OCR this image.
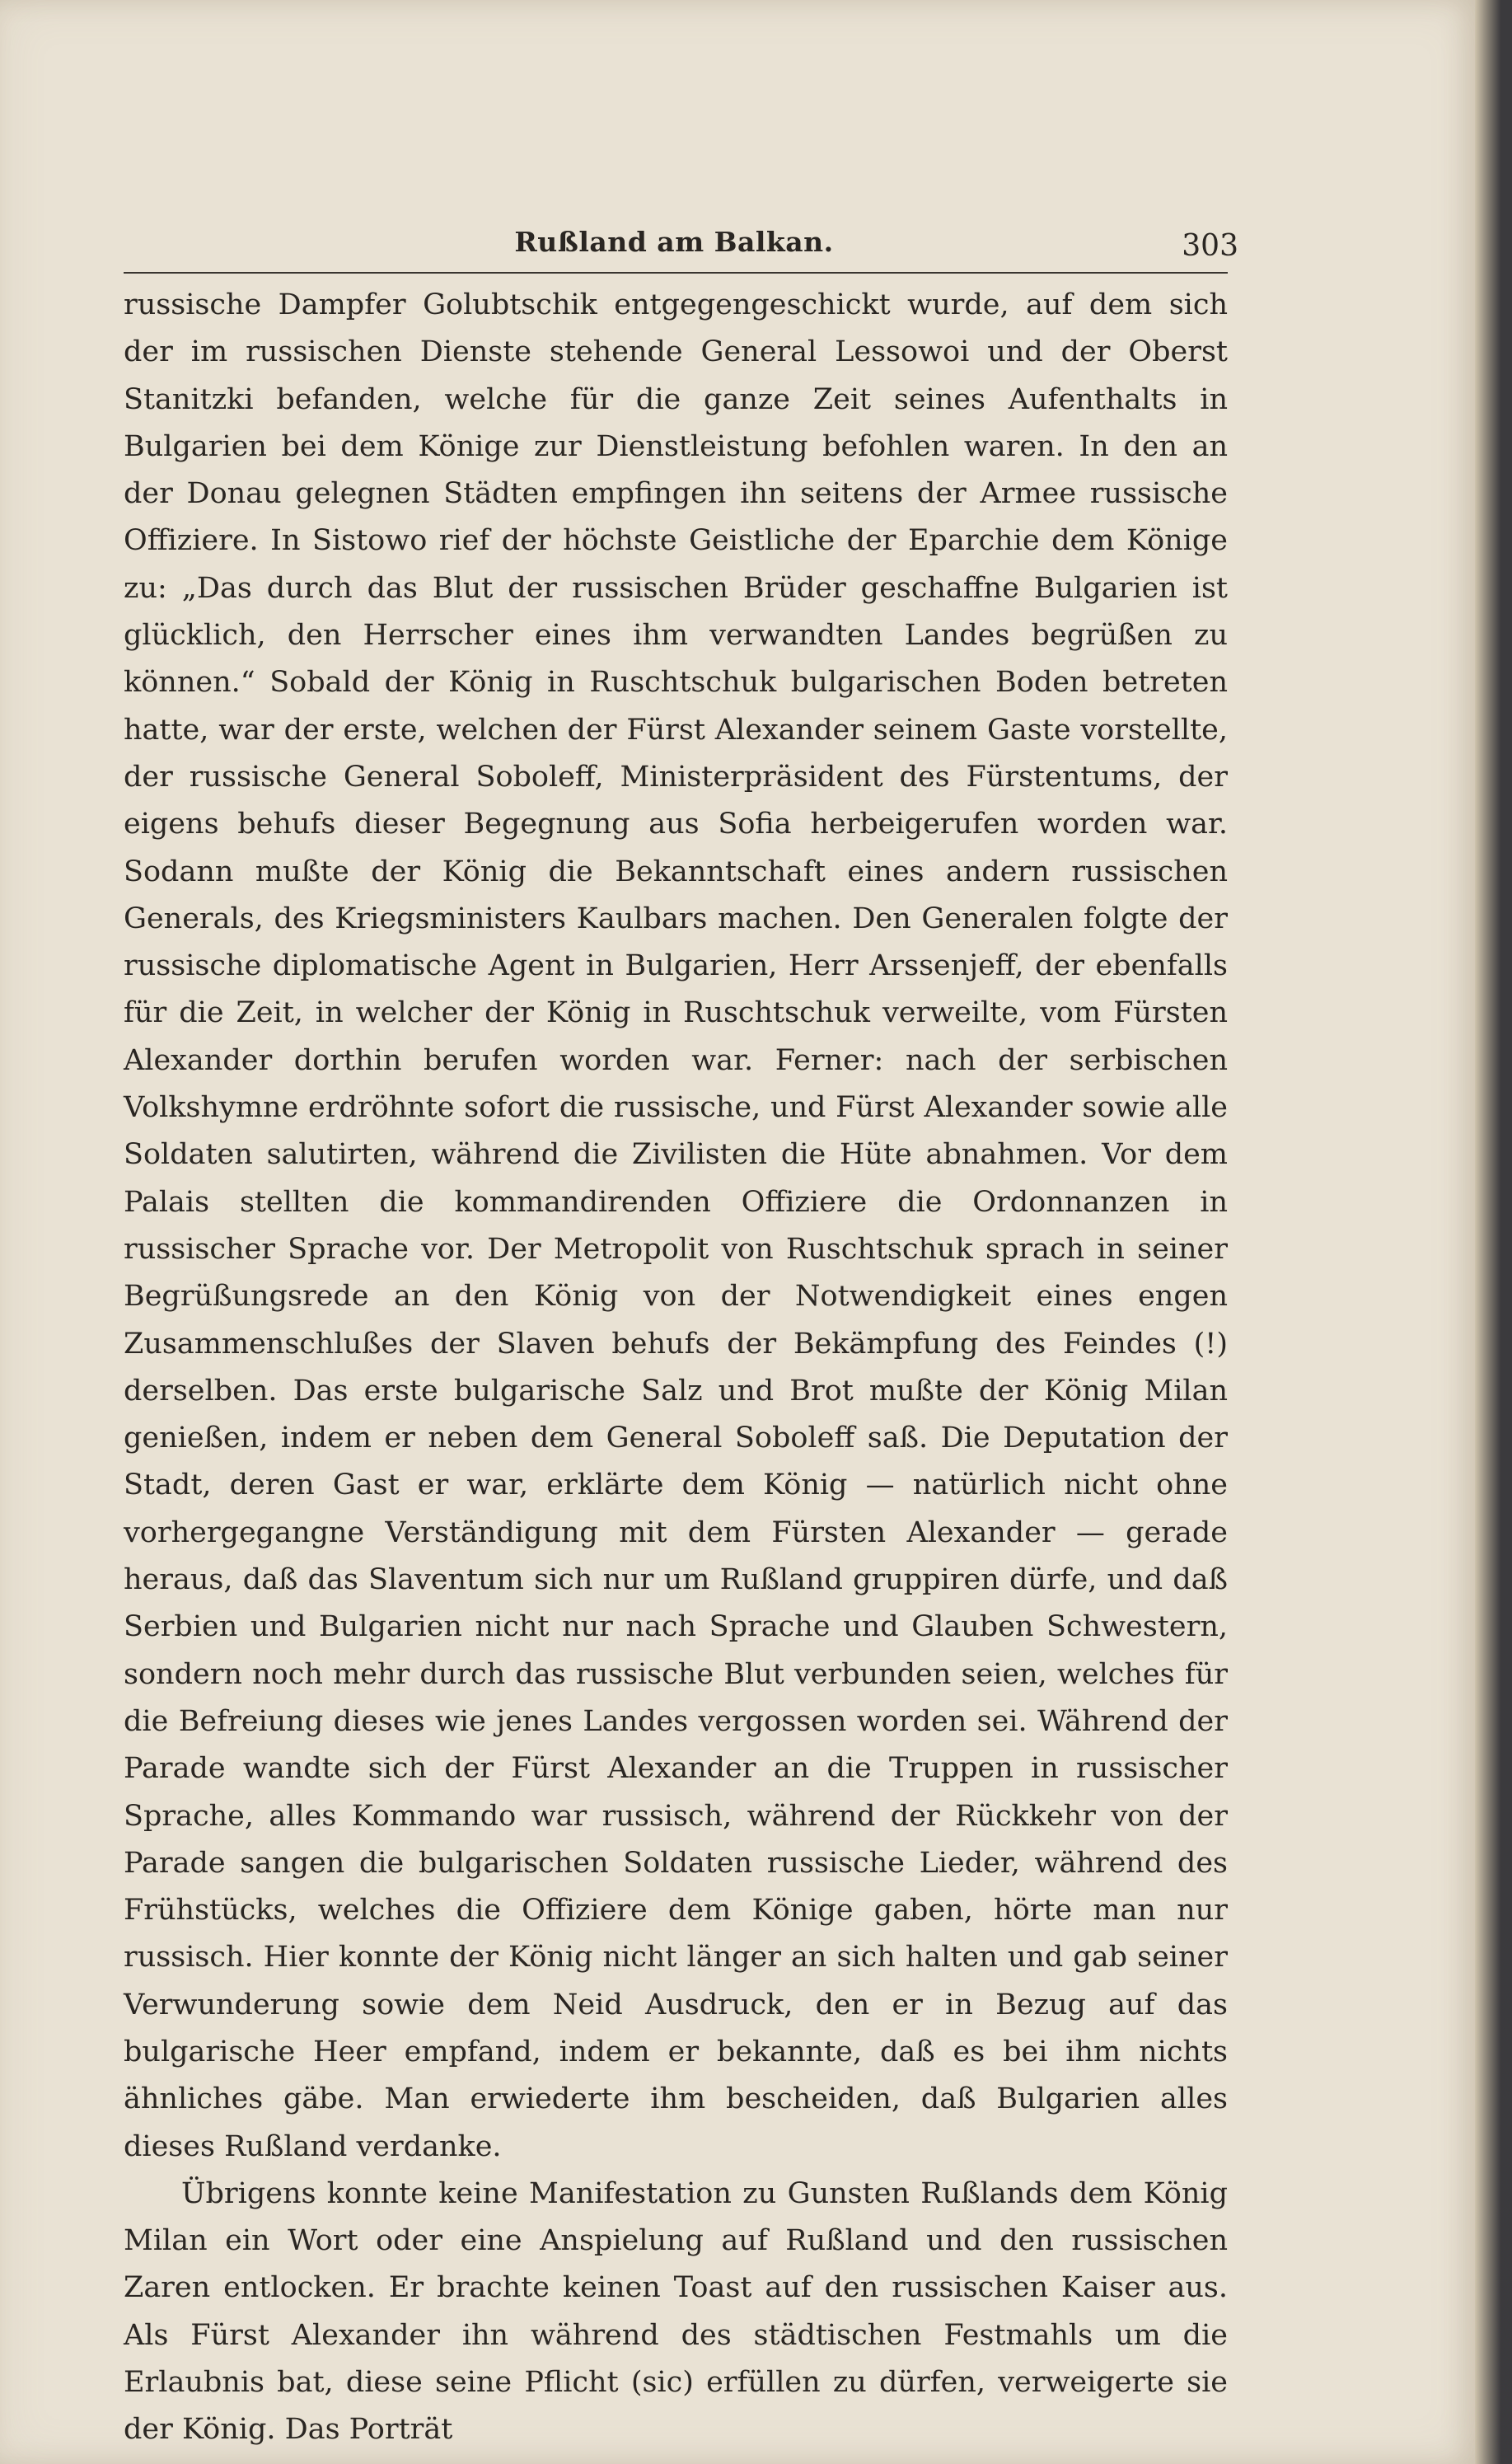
Rußland am Balkan.	303

russische Dampfer Golubtschik entgegengeschickt wurde, auf dem sich der im russischen Dienste stehende General Lessowoi und der Oberst Stanitzki befanden, welche für die ganze Zeit seines Aufenthalts in Bulgarien bei dem Könige zur Dienstleistung befohlen waren. In den an der Donau gelegnen Städten empfingen ihn seitens der Armee russische Offiziere. In Sistowo rief der höchste Geistliche der Eparchie dem Könige zu: „Das durch das Blut der russischen Brüder geschaffne Bulgarien ist glücklich, den Herrscher eines ihm verwandten Landes begrüßen zu können.“ Sobald der König in Ruschtschuk bulgarischen Boden betreten hatte, war der erste, welchen der Fürst Alexander seinem Gaste vorstellte, der russische General Soboleff, Ministerpräsident des Fürstentums, der eigens behufs dieser Begegnung aus Sofia herbeigerufen worden war. Sodann mußte der König die Bekanntschaft eines andern russischen Generals, des Kriegsministers Kaulbars machen. Den Generalen folgte der russische diplomatische Agent in Bulgarien, Herr Arssenjeff, der ebenfalls für die Zeit, in welcher der König in Ruschtschuk verweilte, vom Fürsten Alexander dorthin berufen worden war. Ferner: nach der serbischen Volkshymne erdröhnte sofort die russische, und Fürst Alexander sowie alle Soldaten salutirten, während die Zivilisten die Hüte abnahmen. Vor dem Palais stellten die kommandirenden Offiziere die Ordonnanzen in russischer Sprache vor. Der Metropolit von Ruschtschuk sprach in seiner Begrüßungsrede an den König von der Notwendigkeit eines engen Zusammenschlußes der Slaven behufs der Bekämpfung des Feindes (!) derselben. Das erste bulgarische Salz und Brot mußte der König Milan genießen, indem er neben dem General Soboleff saß. Die Deputation der Stadt, deren Gast er war, erklärte dem König — natürlich nicht ohne vorhergegangne Verständigung mit dem Fürsten Alexander — gerade heraus, daß das Slaventum sich nur um Rußland gruppiren dürfe, und daß Serbien und Bulgarien nicht nur nach Sprache und Glauben Schwestern, sondern noch mehr durch das russische Blut verbunden seien, welches für die Befreiung dieses wie jenes Landes vergossen worden sei. Während der Parade wandte sich der Fürst Alexander an die Truppen in russischer Sprache, alles Kommando war russisch, während der Rückkehr von der Parade sangen die bulgarischen Soldaten russische Lieder, während des Frühstücks, welches die Offiziere dem Könige gaben, hörte man nur russisch. Hier konnte der König nicht länger an sich halten und gab seiner Verwunderung sowie dem Neid Ausdruck, den er in Bezug auf das bulgarische Heer empfand, indem er bekannte, daß es bei ihm nichts ähnliches gäbe. Man erwiederte ihm bescheiden, daß Bulgarien alles dieses Rußland verdanke.

Übrigens konnte keine Manifestation zu Gunsten Rußlands dem König Milan ein Wort oder eine Anspielung auf Rußland und den russischen Zaren entlocken. Er brachte keinen Toast auf den russischen Kaiser aus. Als Fürst Alexander ihn während des städtischen Festmahls um die Erlaubnis bat, diese seine Pflicht (sic) erfüllen zu dürfen, verweigerte sie der König. Das Porträt
